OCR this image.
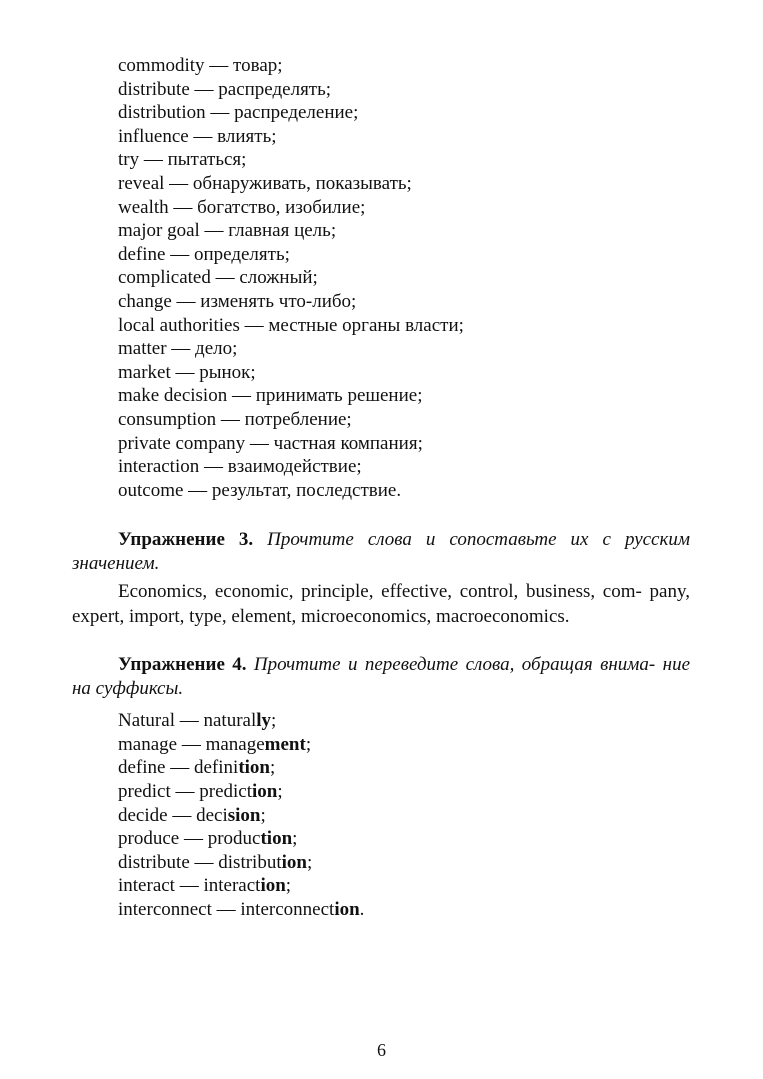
commodity — товар;
distribute — распределять;
distribution — распределение;
influence — влиять;
try — пытаться;
reveal — обнаруживать, показывать;
wealth — богатство, изобилие;
major goal — главная цель;
define — определять;
complicated — сложный;
change — изменять что-либо;
local authorities — местные органы власти;
matter — дело;
market — рынок;
make decision — принимать решение;
consumption — потребление;
private company — частная компания;
interaction — взаимодействие;
outcome — результат, последствие.

Упражнение 3. Прочтите слова и сопоставьте их с русским значением.

Economics, economic, principle, effective, control, business, com- pany, expert, import, type, element, microeconomics, macroeconomics.

Упражнение 4. Прочтите и переведите слова, обращая внима- ние на суффиксы.

Natural — naturally;
manage — management;
define — definition;
predict — prediction;
decide — decision;
produce — production;
distribute — distribution;
interact — interaction;
interconnect — interconnection.
6
